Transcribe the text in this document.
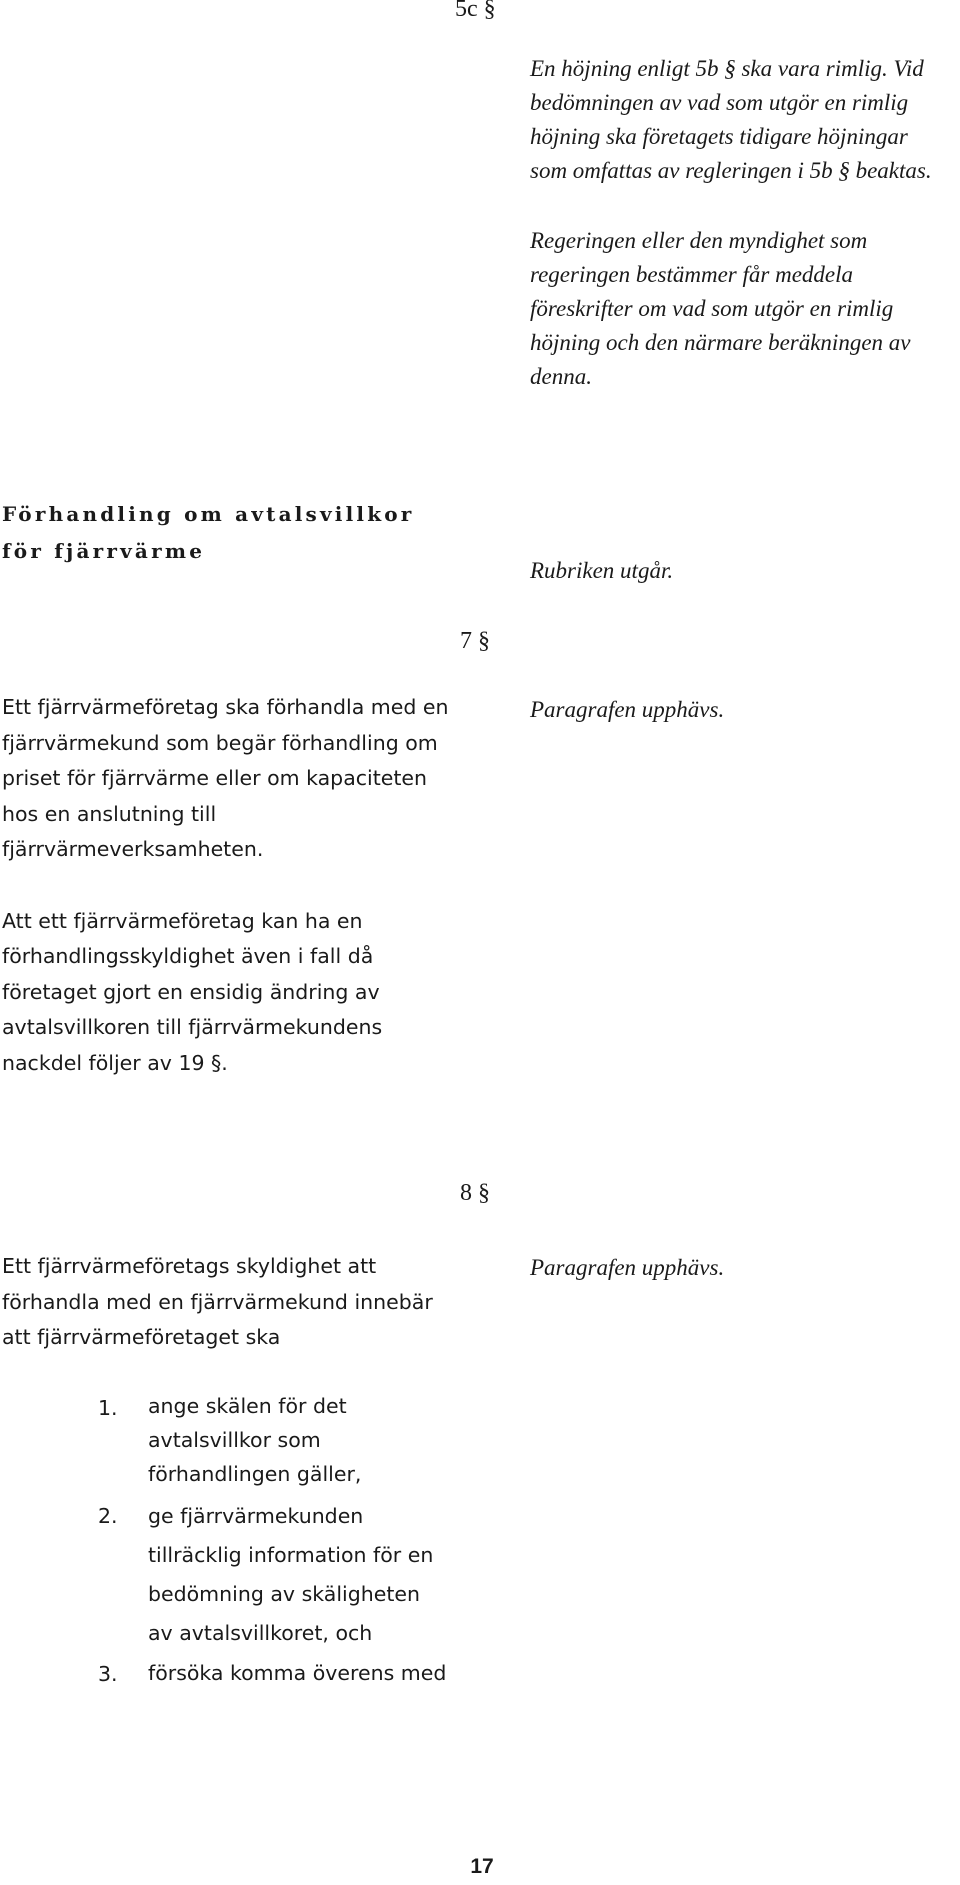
5c §

En höjning enligt 5b § ska vara rimlig. Vid bedömningen av vad som utgör en rimlig höjning ska företagets tidigare höjningar som omfattas av regleringen i 5b § beaktas.

Regeringen eller den myndighet som regeringen bestämmer får meddela föreskrifter om vad som utgör en rimlig höjning och den närmare beräkningen av denna.

Förhandling om avtalsvillkor
för fjärrvärme
Rubriken utgår.
7 §

Ett fjärrvärmeföretag ska förhandla med en fjärrvärmekund som begär förhandling om priset för fjärrvärme eller om kapaciteten hos en anslutning till fjärrvärmeverksamheten.

Att ett fjärrvärmeföretag kan ha en förhandlingsskyldighet även i fall då företaget gjort en ensidig ändring av avtalsvillkoren till fjärrvärmekundens nackdel följer av 19 §.

Paragrafen upphävs.
8 §
Ett fjärrvärmeföretags skyldighet att förhandla med en fjärrvärmekund innebär att fjärrvärmeföretaget ska
Paragrafen upphävs.
1. ange skälen för det avtalsvillkor som förhandlingen gäller,
2. ge fjärrvärmekunden tillräcklig information för en bedömning av skäligheten av avtalsvillkoret, och
3. försöka komma överens med
17
